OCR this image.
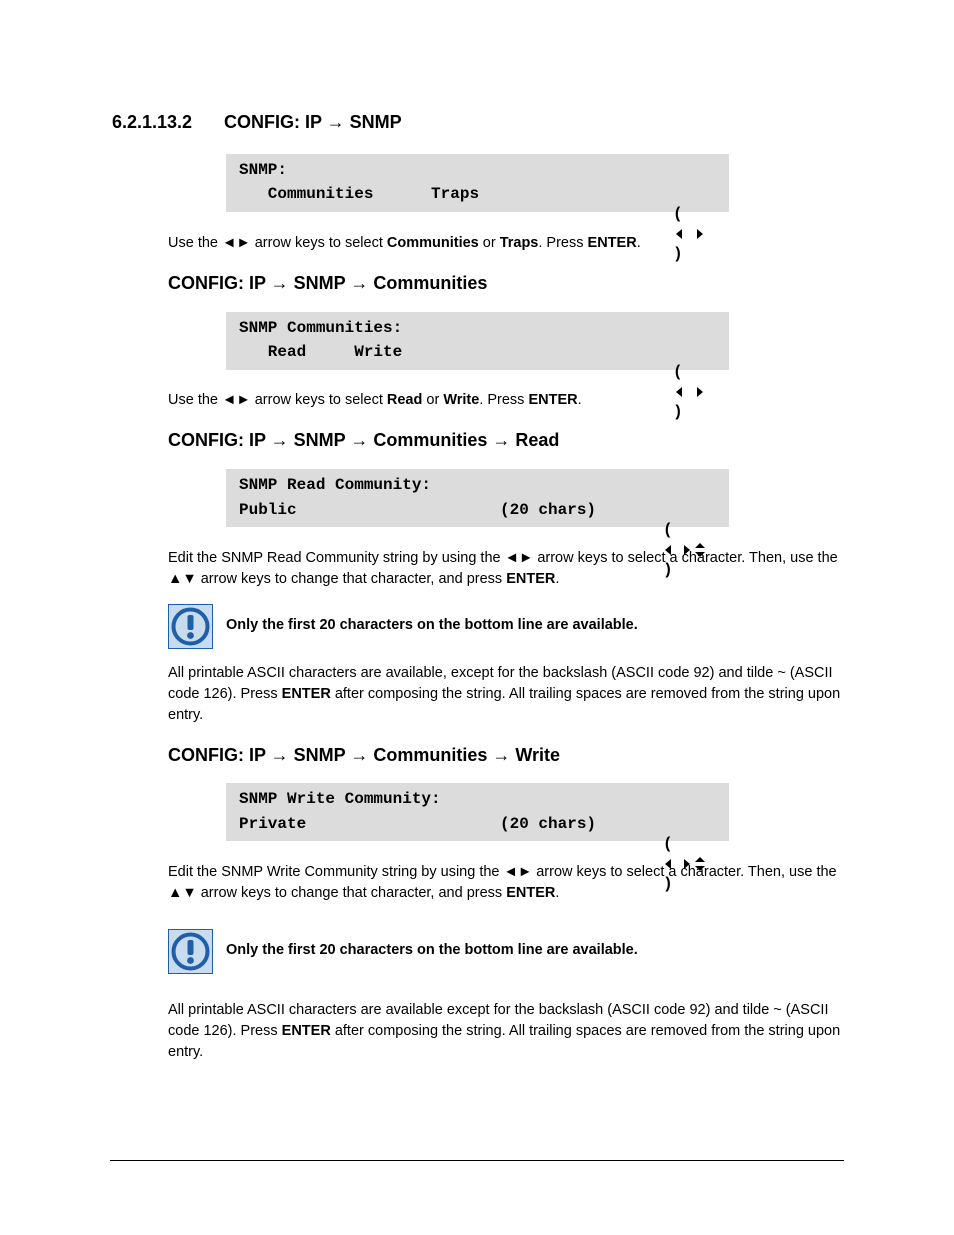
6.2.1.13.2 CONFIG: IP → SNMP
SNMP:
Communities      Traps

(

)

Use the ◄► arrow keys to select Communities or Traps. Press ENTER.
CONFIG: IP → SNMP → Communities
SNMP Communities:
Read     Write

(

)

Use the ◄► arrow keys to select Read or Write. Press ENTER.
CONFIG: IP → SNMP → Communities → Read
SNMP Read Community:
Public	(20 chars)

(

)

Edit the SNMP Read Community string by using the ◄► arrow keys to select a character. Then, use the ▲▼ arrow keys to change that character, and press ENTER.
Only the first 20 characters on the bottom line are available.
All printable ASCII characters are available, except for the backslash (ASCII code 92) and tilde ~ (ASCII code 126). Press ENTER after composing the string. All trailing spaces are removed from the string upon entry.
CONFIG: IP → SNMP → Communities → Write
SNMP Write Community:
Private	(20 chars)

(

)

Edit the SNMP Write Community string by using the ◄► arrow keys to select a character. Then, use the ▲▼ arrow keys to change that character, and press ENTER.
Only the first 20 characters on the bottom line are available.
All printable ASCII characters are available except for the backslash (ASCII code 92) and tilde ~ (ASCII code 126). Press ENTER after composing the string. All trailing spaces are removed from the string upon entry.
